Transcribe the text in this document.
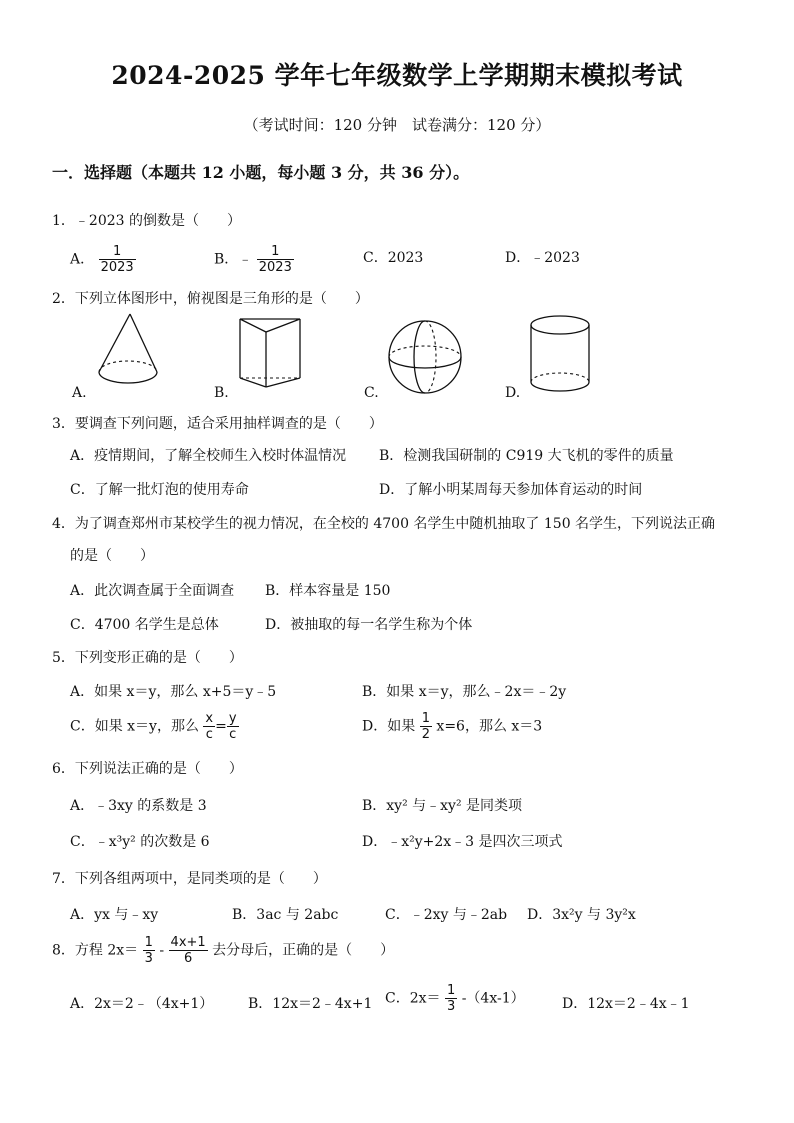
2024-2025 学年七年级数学上学期期末模拟考试
（考试时间：120 分钟　试卷满分：120 分）
一．选择题（本题共 12 小题，每小题 3 分，共 36 分）。
1．﹣2023 的倒数是（　　）
A． $\frac{1}{2023}$	B．﹣ $\frac{1}{2023}$	C．2023	D．﹣2023
2．下列立体图形中，俯视图是三角形的是（　　）
A.	B.	C.	D.
3．要调查下列问题，适合采用抽样调查的是（　　）
A．疫情期间，了解全校师生入校时体温情况 B．检测我国研制的 C919 大飞机的零件的质量
C．了解一批灯泡的使用寿命	D．了解小明某周每天参加体育运动的时间
4．为了调查郑州市某校学生的视力情况，在全校的 4700 名学生中随机抽取了 150 名学生，下列说法正确
的是（　　）
A．此次调查属于全面调查 B．样本容量是 150
C．4700 名学生是总体	D．被抽取的每一名学生称为个体
5．下列变形正确的是（　　）
A．如果 x＝y，那么 x+5＝y﹣5	B．如果 x＝y，那么﹣2x＝﹣2y
C．如果 x＝y，那么 $\frac{x}{c} = \frac{y}{c}$	D．如果 $\frac{1}{2} x=6$，那么 x＝3
6．下列说法正确的是（　　）
A．﹣3xy 的系数是 3	B．xy² 与﹣xy² 是同类项
C．﹣x³y² 的次数是 6	D．﹣x²y+2x﹣3 是四次三项式
7．下列各组两项中，是同类项的是（　　）
A．yx 与﹣xy	B．3ac 与 2abc	C．﹣2xy 与﹣2ab D．3x²y 与 3y²x
8．方程 $2x= \frac{1}{3} - \frac{4x+1}{6}$ 去分母后，正确的是（　　）
A．2x＝2﹣（4x+1） B．12x＝2﹣4x+1 C．$2x= \frac{1}{3} -(4x-1)$	D．12x＝2﹣4x﹣1
